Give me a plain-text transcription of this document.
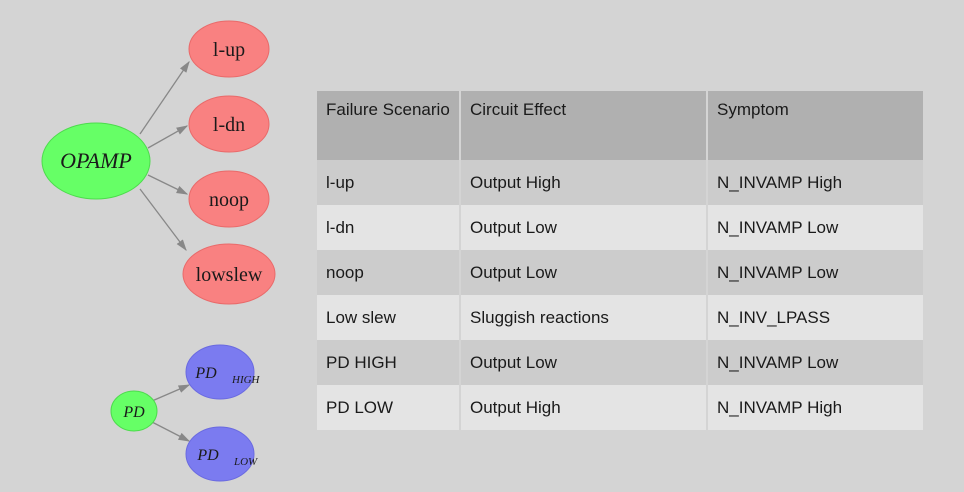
OPAMP
l-up
l-dn
noop
lowslew
PD
PD HIGH
PD LOW
Failure Scenario	Circuit Effect	Symptom
l-up	Output High	N_INVAMP High
l-dn	Output Low	N_INVAMP Low
noop	Output Low	N_INVAMP Low
Low slew	Sluggish reactions	N_INV_LPASS
PD HIGH	Output Low	N_INVAMP Low
PD LOW	Output High	N_INVAMP High
